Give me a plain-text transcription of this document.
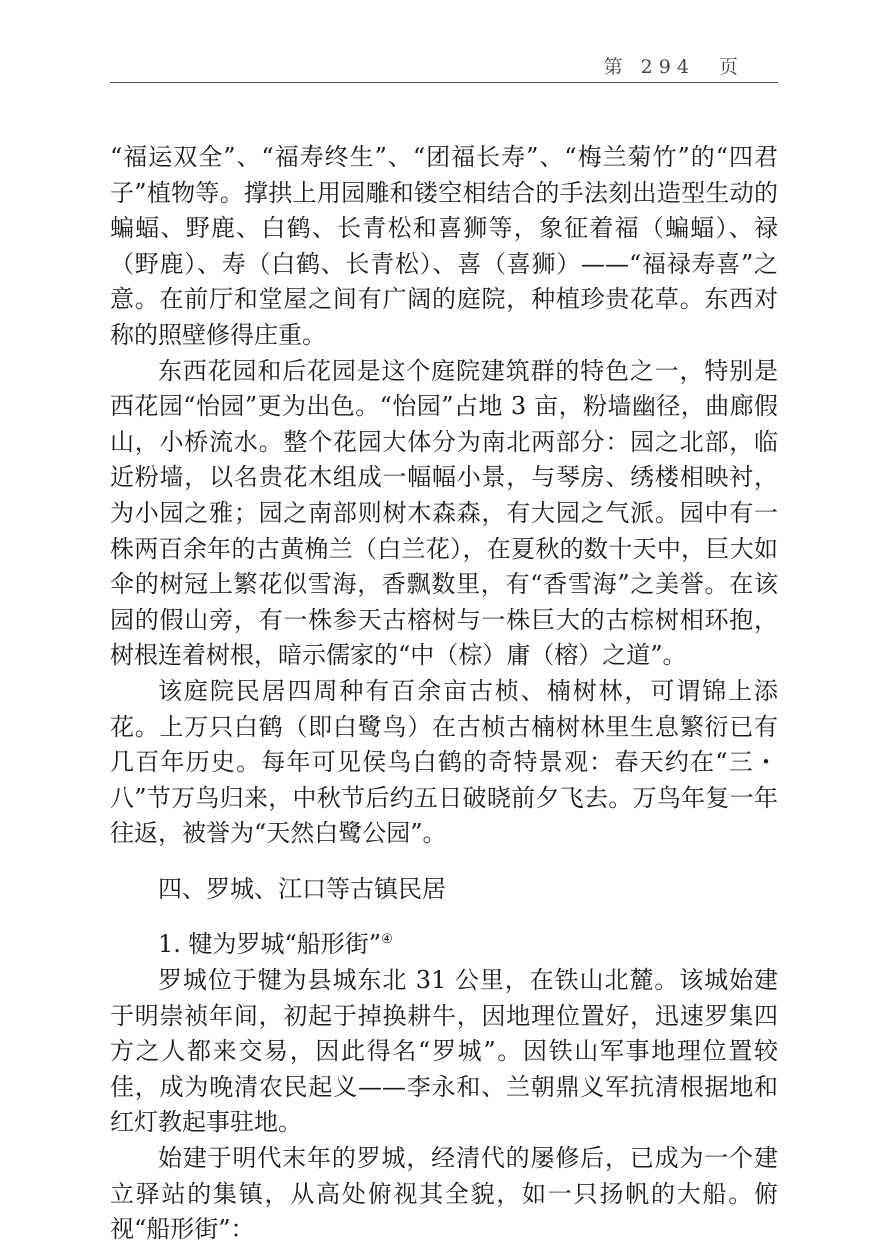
第 294  页

“福运双全”、“福寿终生”、“团福长寿”、“梅兰菊竹”的“四君子”植物等。撑拱上用园雕和镂空相结合的手法刻出造型生动的蝙蝠、野鹿、白鹤、长青松和喜狮等，象征着福（蝙蝠）、禄（野鹿）、寿（白鹤、长青松）、喜（喜狮）——“福禄寿喜”之意。在前厅和堂屋之间有广阔的庭院，种植珍贵花草。东西对称的照壁修得庄重。

东西花园和后花园是这个庭院建筑群的特色之一，特别是西花园“怡园”更为出色。“怡园”占地 3 亩，粉墙幽径，曲廊假山，小桥流水。整个花园大体分为南北两部分：园之北部，临近粉墙，以名贵花木组成一幅幅小景，与琴房、绣楼相映衬，为小园之雅；园之南部则树木森森，有大园之气派。园中有一株两百余年的古黄桷兰（白兰花），在夏秋的数十天中，巨大如伞的树冠上繁花似雪海，香飘数里，有“香雪海”之美誉。在该园的假山旁，有一株参天古榕树与一株巨大的古棕树相环抱，树根连着树根，暗示儒家的“中（棕）庸（榕）之道”。

该庭院民居四周种有百余亩古桢、楠树林，可谓锦上添花。上万只白鹤（即白鹭鸟）在古桢古楠树林里生息繁衍已有几百年历史。每年可见侯鸟白鹤的奇特景观：春天约在“三・八”节万鸟归来，中秋节后约五日破晓前夕飞去。万鸟年复一年往返，被誉为“天然白鹭公园”。

四、罗城、江口等古镇民居

1. 犍为罗城“船形街”④

罗城位于犍为县城东北 31 公里，在铁山北麓。该城始建于明崇祯年间，初起于掉换耕牛，因地理位置好，迅速罗集四方之人都来交易，因此得名“罗城”。因铁山军事地理位置较佳，成为晚清农民起义——李永和、兰朝鼎义军抗清根据地和红灯教起事驻地。

始建于明代末年的罗城，经清代的屡修后，已成为一个建立驿站的集镇，从高处俯视其全貌，如一只扬帆的大船。俯视“船形街”：
